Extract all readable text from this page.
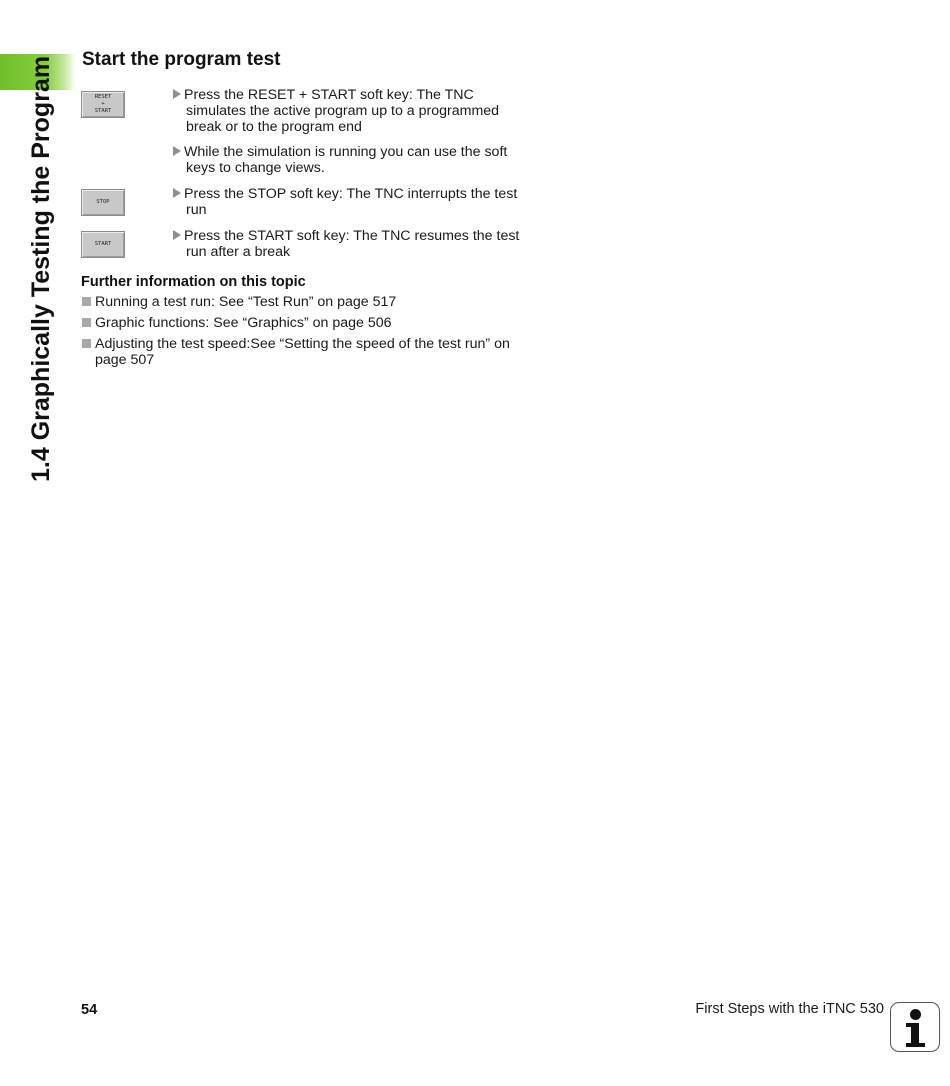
1.4 Graphically Testing the Program Start the program test
RESET
+
START
STOP
START
Press the RESET + START soft key: The TNC simulates the active program up to a programmed break or to the program end
While the simulation is running you can use the soft keys to change views.
Press the STOP soft key: The TNC interrupts the test run
Press the START soft key: The TNC resumes the test run after a break
Further information on this topic
Running a test run: See “Test Run” on page 517
Graphic functions: See “Graphics” on page 506
Adjusting the test speed:See “Setting the speed of the test run” on page 507
54	First Steps with the iTNC 530
